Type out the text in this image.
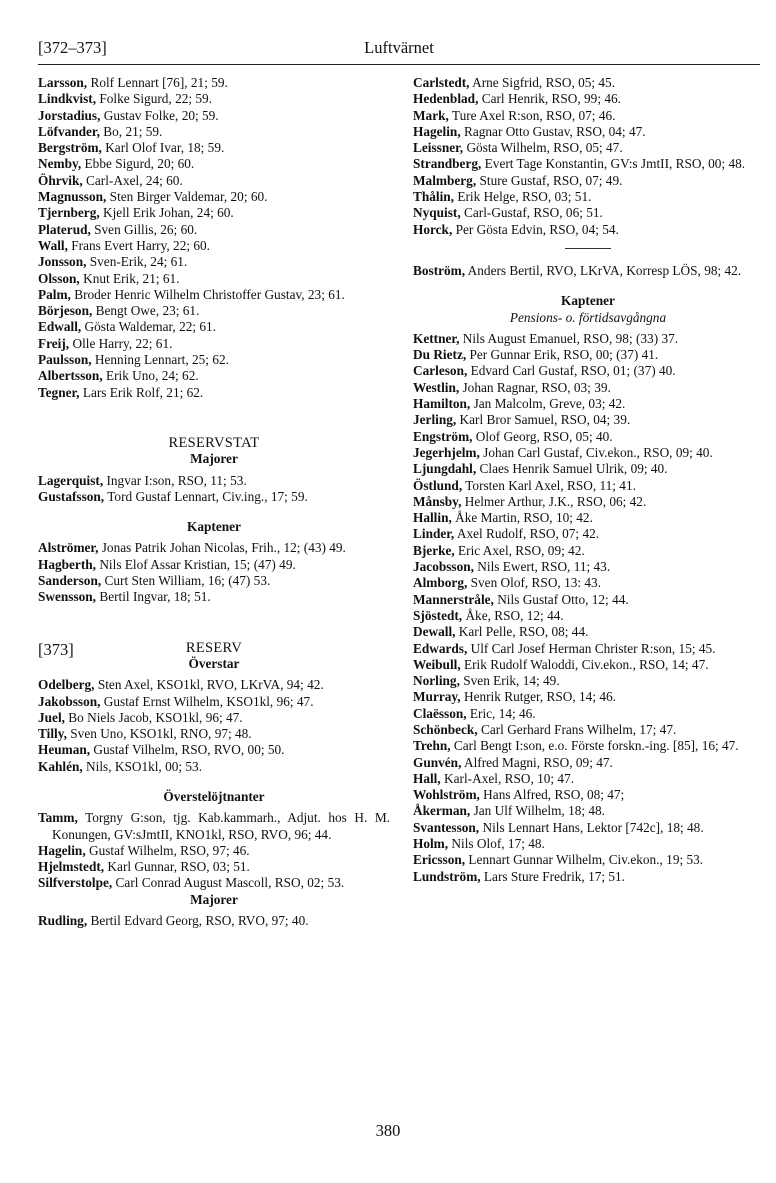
Luftvärnet
[372–373]

Larsson, Rolf Lennart [76], 21; 59.

Lindkvist, Folke Sigurd, 22; 59.

Jorstadius, Gustav Folke, 20; 59.

Löfvander, Bo, 21; 59.

Bergström, Karl Olof Ivar, 18; 59.

Nemby, Ebbe Sigurd, 20; 60.

Öhrvik, Carl-Axel, 24; 60.

Magnusson, Sten Birger Valdemar, 20; 60.

Tjernberg, Kjell Erik Johan, 24; 60.

Platerud, Sven Gillis, 26; 60.

Wall, Frans Evert Harry, 22; 60.

Jonsson, Sven-Erik, 24; 61.

Olsson, Knut Erik, 21; 61.

Palm, Broder Henric Wilhelm Christoffer Gustav, 23; 61.

Börjeson, Bengt Owe, 23; 61.

Edwall, Gösta Waldemar, 22; 61.

Freij, Olle Harry, 22; 61.

Paulsson, Henning Lennart, 25; 62.

Albertsson, Erik Uno, 24; 62.

Tegner, Lars Erik Rolf, 21; 62.

RESERVSTAT

Majorer

Lagerquist, Ingvar I:son, RSO, 11; 53.

Gustafsson, Tord Gustaf Lennart, Civ.ing., 17; 59.

Kaptener

Alströmer, Jonas Patrik Johan Nicolas, Frih., 12; (43) 49.

Hagberth, Nils Elof Assar Kristian, 15; (47) 49.

Sanderson, Curt Sten William, 16; (47) 53.

Swensson, Bertil Ingvar, 18; 51.

[373]	RESERV

Överstar

Odelberg, Sten Axel, KSO1kl, RVO, LKrVA, 94; 42.

Jakobsson, Gustaf Ernst Wilhelm, KSO1kl, 96; 47.

Juel, Bo Niels Jacob, KSO1kl, 96; 47.

Tilly, Sven Uno, KSO1kl, RNO, 97; 48.

Heuman, Gustaf Vilhelm, RSO, RVO, 00; 50.

Kahlén, Nils, KSO1kl, 00; 53.

Överstelöjtnanter

Tamm, Torgny G:son, tjg. Kab.kammarh., Adjut. hos H. M. Konungen, GV:sJmtII, KNO1kl, RSO, RVO, 96; 44.

Hagelin, Gustaf Wilhelm, RSO, 97; 46.

Hjelmstedt, Karl Gunnar, RSO, 03; 51.

Silfverstolpe, Carl Conrad August Mascoll, RSO, 02; 53.

Majorer

Rudling, Bertil Edvard Georg, RSO, RVO, 97; 40.

Carlstedt, Arne Sigfrid, RSO, 05; 45.

Hedenblad, Carl Henrik, RSO, 99; 46.

Mark, Ture Axel R:son, RSO, 07; 46.

Hagelin, Ragnar Otto Gustav, RSO, 04; 47.

Leissner, Gösta Wilhelm, RSO, 05; 47.

Strandberg, Evert Tage Konstantin, GV:s JmtII, RSO, 00; 48.

Malmberg, Sture Gustaf, RSO, 07; 49.

Thålin, Erik Helge, RSO, 03; 51.

Nyquist, Carl-Gustaf, RSO, 06; 51.

Horck, Per Gösta Edvin, RSO, 04; 54.

Boström, Anders Bertil, RVO, LKrVA, Korresp LÖS, 98; 42.

Kaptener

Pensions- o. förtidsavgångna

Kettner, Nils August Emanuel, RSO, 98; (33) 37.

Du Rietz, Per Gunnar Erik, RSO, 00; (37) 41.

Carleson, Edvard Carl Gustaf, RSO, 01; (37) 40.

Westlin, Johan Ragnar, RSO, 03; 39.

Hamilton, Jan Malcolm, Greve, 03; 42.

Jerling, Karl Bror Samuel, RSO, 04; 39.

Engström, Olof Georg, RSO, 05; 40.

Jegerhjelm, Johan Carl Gustaf, Civ.ekon., RSO, 09; 40.

Ljungdahl, Claes Henrik Samuel Ulrik, 09; 40.

Östlund, Torsten Karl Axel, RSO, 11; 41.

Månsby, Helmer Arthur, J.K., RSO, 06; 42.

Hallin, Åke Martin, RSO, 10; 42.

Linder, Axel Rudolf, RSO, 07; 42.

Bjerke, Eric Axel, RSO, 09; 42.

Jacobsson, Nils Ewert, RSO, 11; 43.

Almborg, Sven Olof, RSO, 13: 43.

Mannerstråle, Nils Gustaf Otto, 12; 44.

Sjöstedt, Åke, RSO, 12; 44.

Dewall, Karl Pelle, RSO, 08; 44.

Edwards, Ulf Carl Josef Herman Christer R:son, 15; 45.

Weibull, Erik Rudolf Waloddi, Civ.ekon., RSO, 14; 47.

Norling, Sven Erik, 14; 49.

Murray, Henrik Rutger, RSO, 14; 46.

Claësson, Eric, 14; 46.

Schönbeck, Carl Gerhard Frans Wilhelm, 17; 47.

Trehn, Carl Bengt I:son, e.o. Förste forskn.-ing. [85], 16; 47.

Gunvén, Alfred Magni, RSO, 09; 47.

Hall, Karl-Axel, RSO, 10; 47.

Wohlström, Hans Alfred, RSO, 08; 47;

Åkerman, Jan Ulf Wilhelm, 18; 48.

Svantesson, Nils Lennart Hans, Lektor [742c], 18; 48.

Holm, Nils Olof, 17; 48.

Ericsson, Lennart Gunnar Wilhelm, Civ.ekon., 19; 53.

Lundström, Lars Sture Fredrik, 17; 51.

380
